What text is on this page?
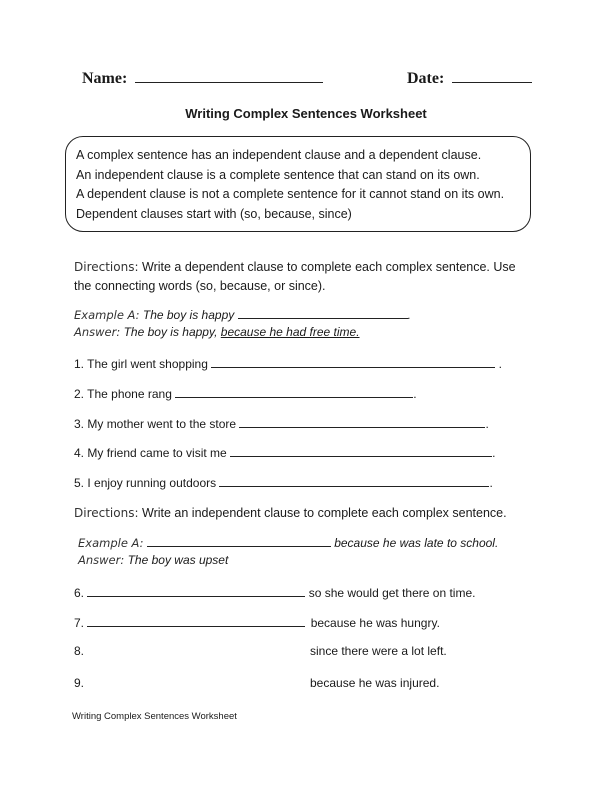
Name:	Date:
Writing Complex Sentences Worksheet
A complex sentence has an independent clause and a dependent clause.
An independent clause is a complete sentence that can stand on its own.
A dependent clause is not a complete sentence for it cannot stand on its own.
Dependent clauses start with (so, because, since)
Directions: Write a dependent clause to complete each complex sentence. Use
the connecting words (so, because, or since).
Example A: The boy is happy	.
Answer: The boy is happy, because he had free time.
1. The girl went shopping	.
2. The phone rang	.
3. My mother went to the store	.
4. My friend came to visit me	.
5. I enjoy running outdoors	.
Directions: Write an independent clause to complete each complex sentence.
Example A:	because he was late to school.
Answer: The boy was upset
6.	so she would get there on time.
7.	because he was hungry.
8.	since there were a lot left.
9.	because he was injured.
Writing Complex Sentences Worksheet
